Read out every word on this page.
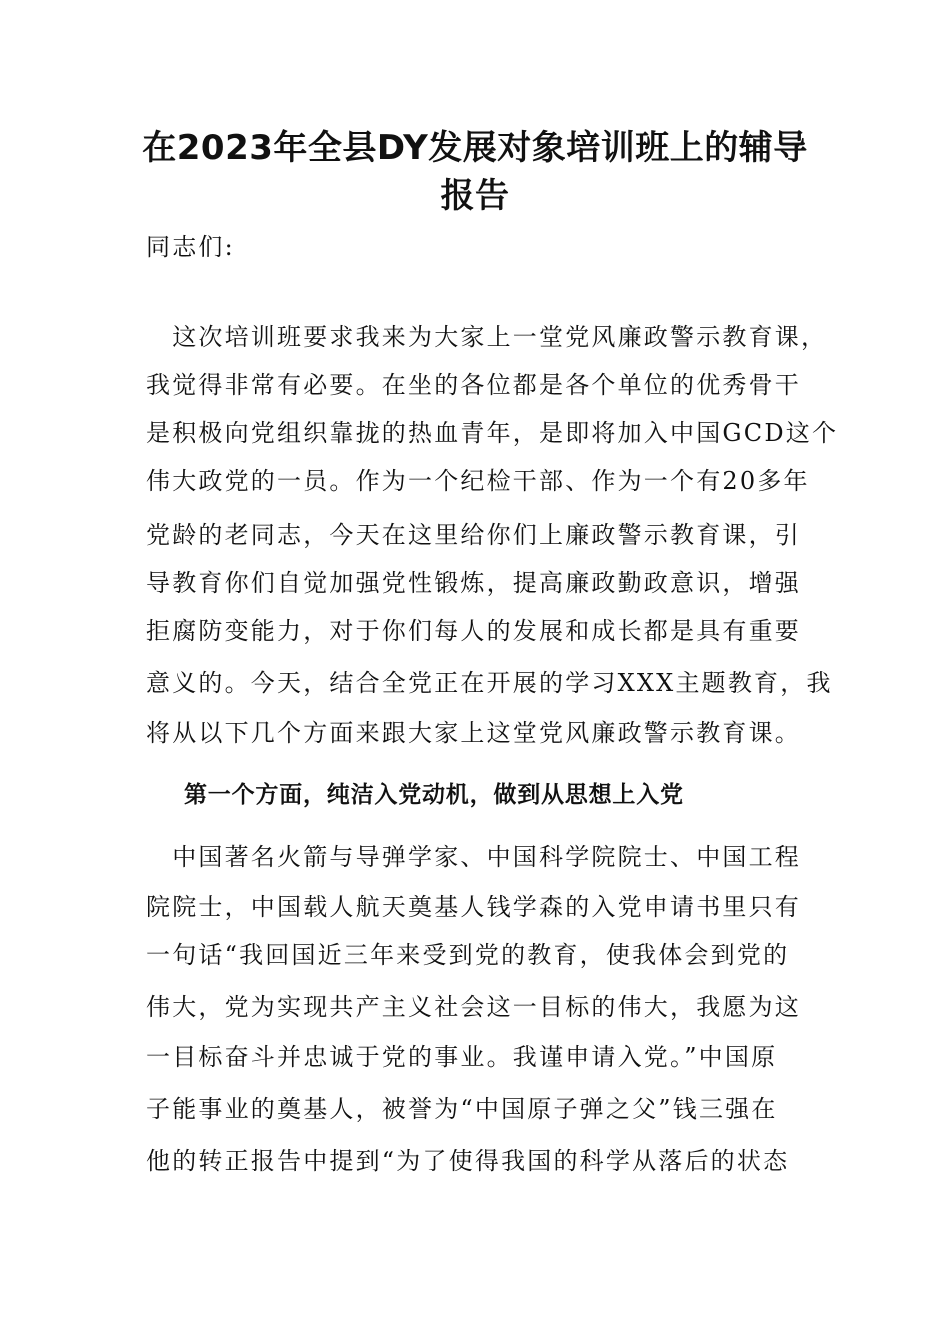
在2023年全县DY发展对象培训班上的辅导
报告
同志们:
　这次培训班要求我来为大家上一堂党风廉政警示教育课，
我觉得非常有必要。在坐的各位都是各个单位的优秀骨干
是积极向党组织靠拢的热血青年，是即将加入中国GCD这个
伟大政党的一员。作为一个纪检干部、作为一个有20多年
党龄的老同志，今天在这里给你们上廉政警示教育课，引
导教育你们自觉加强党性锻炼，提高廉政勤政意识，增强
拒腐防变能力，对于你们每人的发展和成长都是具有重要
意义的。今天，结合全党正在开展的学习XXX主题教育，我
将从以下几个方面来跟大家上这堂党风廉政警示教育课。
第一个方面，纯洁入党动机，做到从思想上入党
　中国著名火箭与导弹学家、中国科学院院士、中国工程
院院士，中国载人航天奠基人钱学森的入党申请书里只有
一句话“我回国近三年来受到党的教育，使我体会到党的
伟大，党为实现共产主义社会这一目标的伟大，我愿为这
一目标奋斗并忠诚于党的事业。我谨申请入党。”中国原
子能事业的奠基人，被誉为“中国原子弹之父”钱三强在
他的转正报告中提到“为了使得我国的科学从落后的状态
